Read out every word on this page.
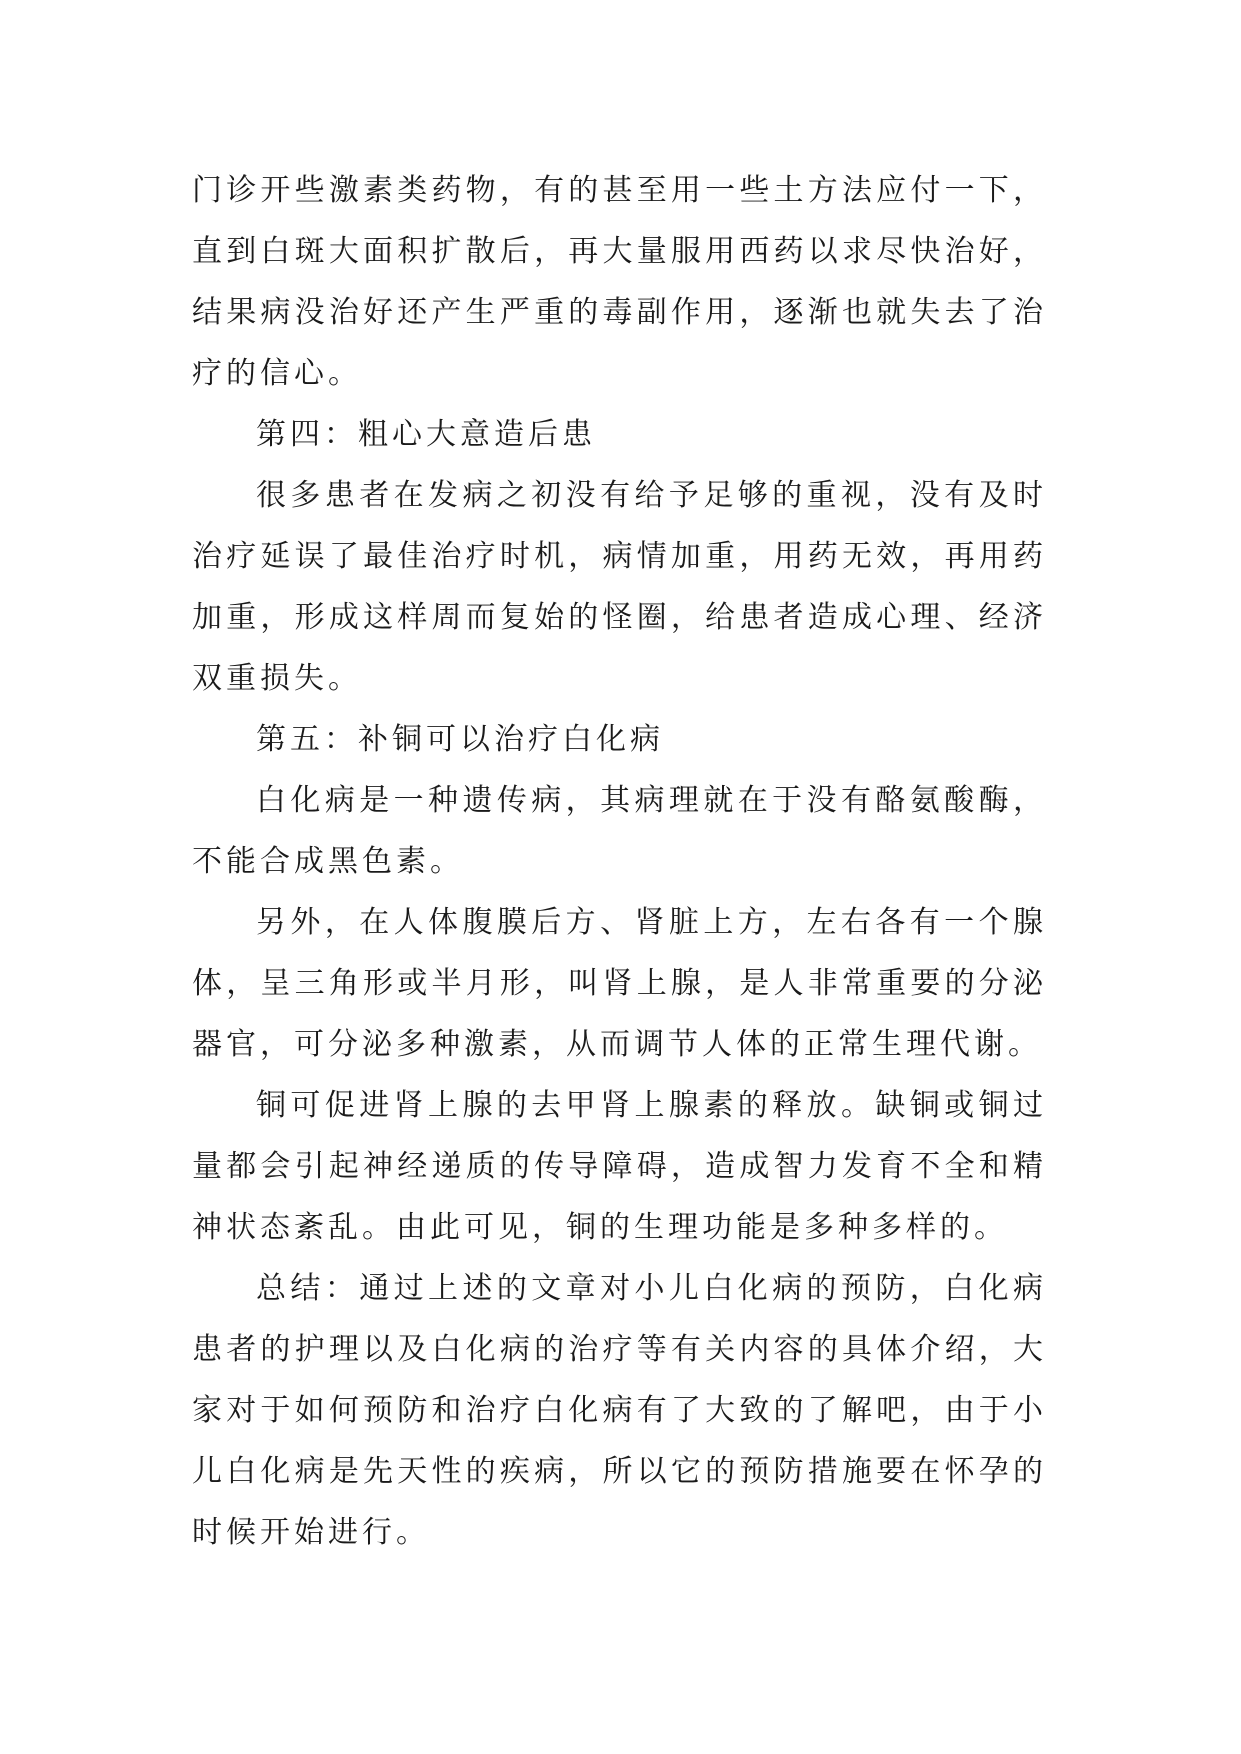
门诊开些激素类药物，有的甚至用一些土方法应付一下，直到白斑大面积扩散后，再大量服用西药以求尽快治好，结果病没治好还产生严重的毒副作用，逐渐也就失去了治疗的信心。

第四：粗心大意造后患

很多患者在发病之初没有给予足够的重视，没有及时治疗延误了最佳治疗时机，病情加重，用药无效，再用药加重，形成这样周而复始的怪圈，给患者造成心理、经济双重损失。

第五：补铜可以治疗白化病

白化病是一种遗传病，其病理就在于没有酪氨酸酶，不能合成黑色素。

另外，在人体腹膜后方、肾脏上方，左右各有一个腺体，呈三角形或半月形，叫肾上腺，是人非常重要的分泌器官，可分泌多种激素，从而调节人体的正常生理代谢。

铜可促进肾上腺的去甲肾上腺素的释放。缺铜或铜过量都会引起神经递质的传导障碍，造成智力发育不全和精神状态紊乱。由此可见，铜的生理功能是多种多样的。

总结：通过上述的文章对小儿白化病的预防，白化病患者的护理以及白化病的治疗等有关内容的具体介绍，大家对于如何预防和治疗白化病有了大致的了解吧，由于小儿白化病是先天性的疾病，所以它的预防措施要在怀孕的时候开始进行。
